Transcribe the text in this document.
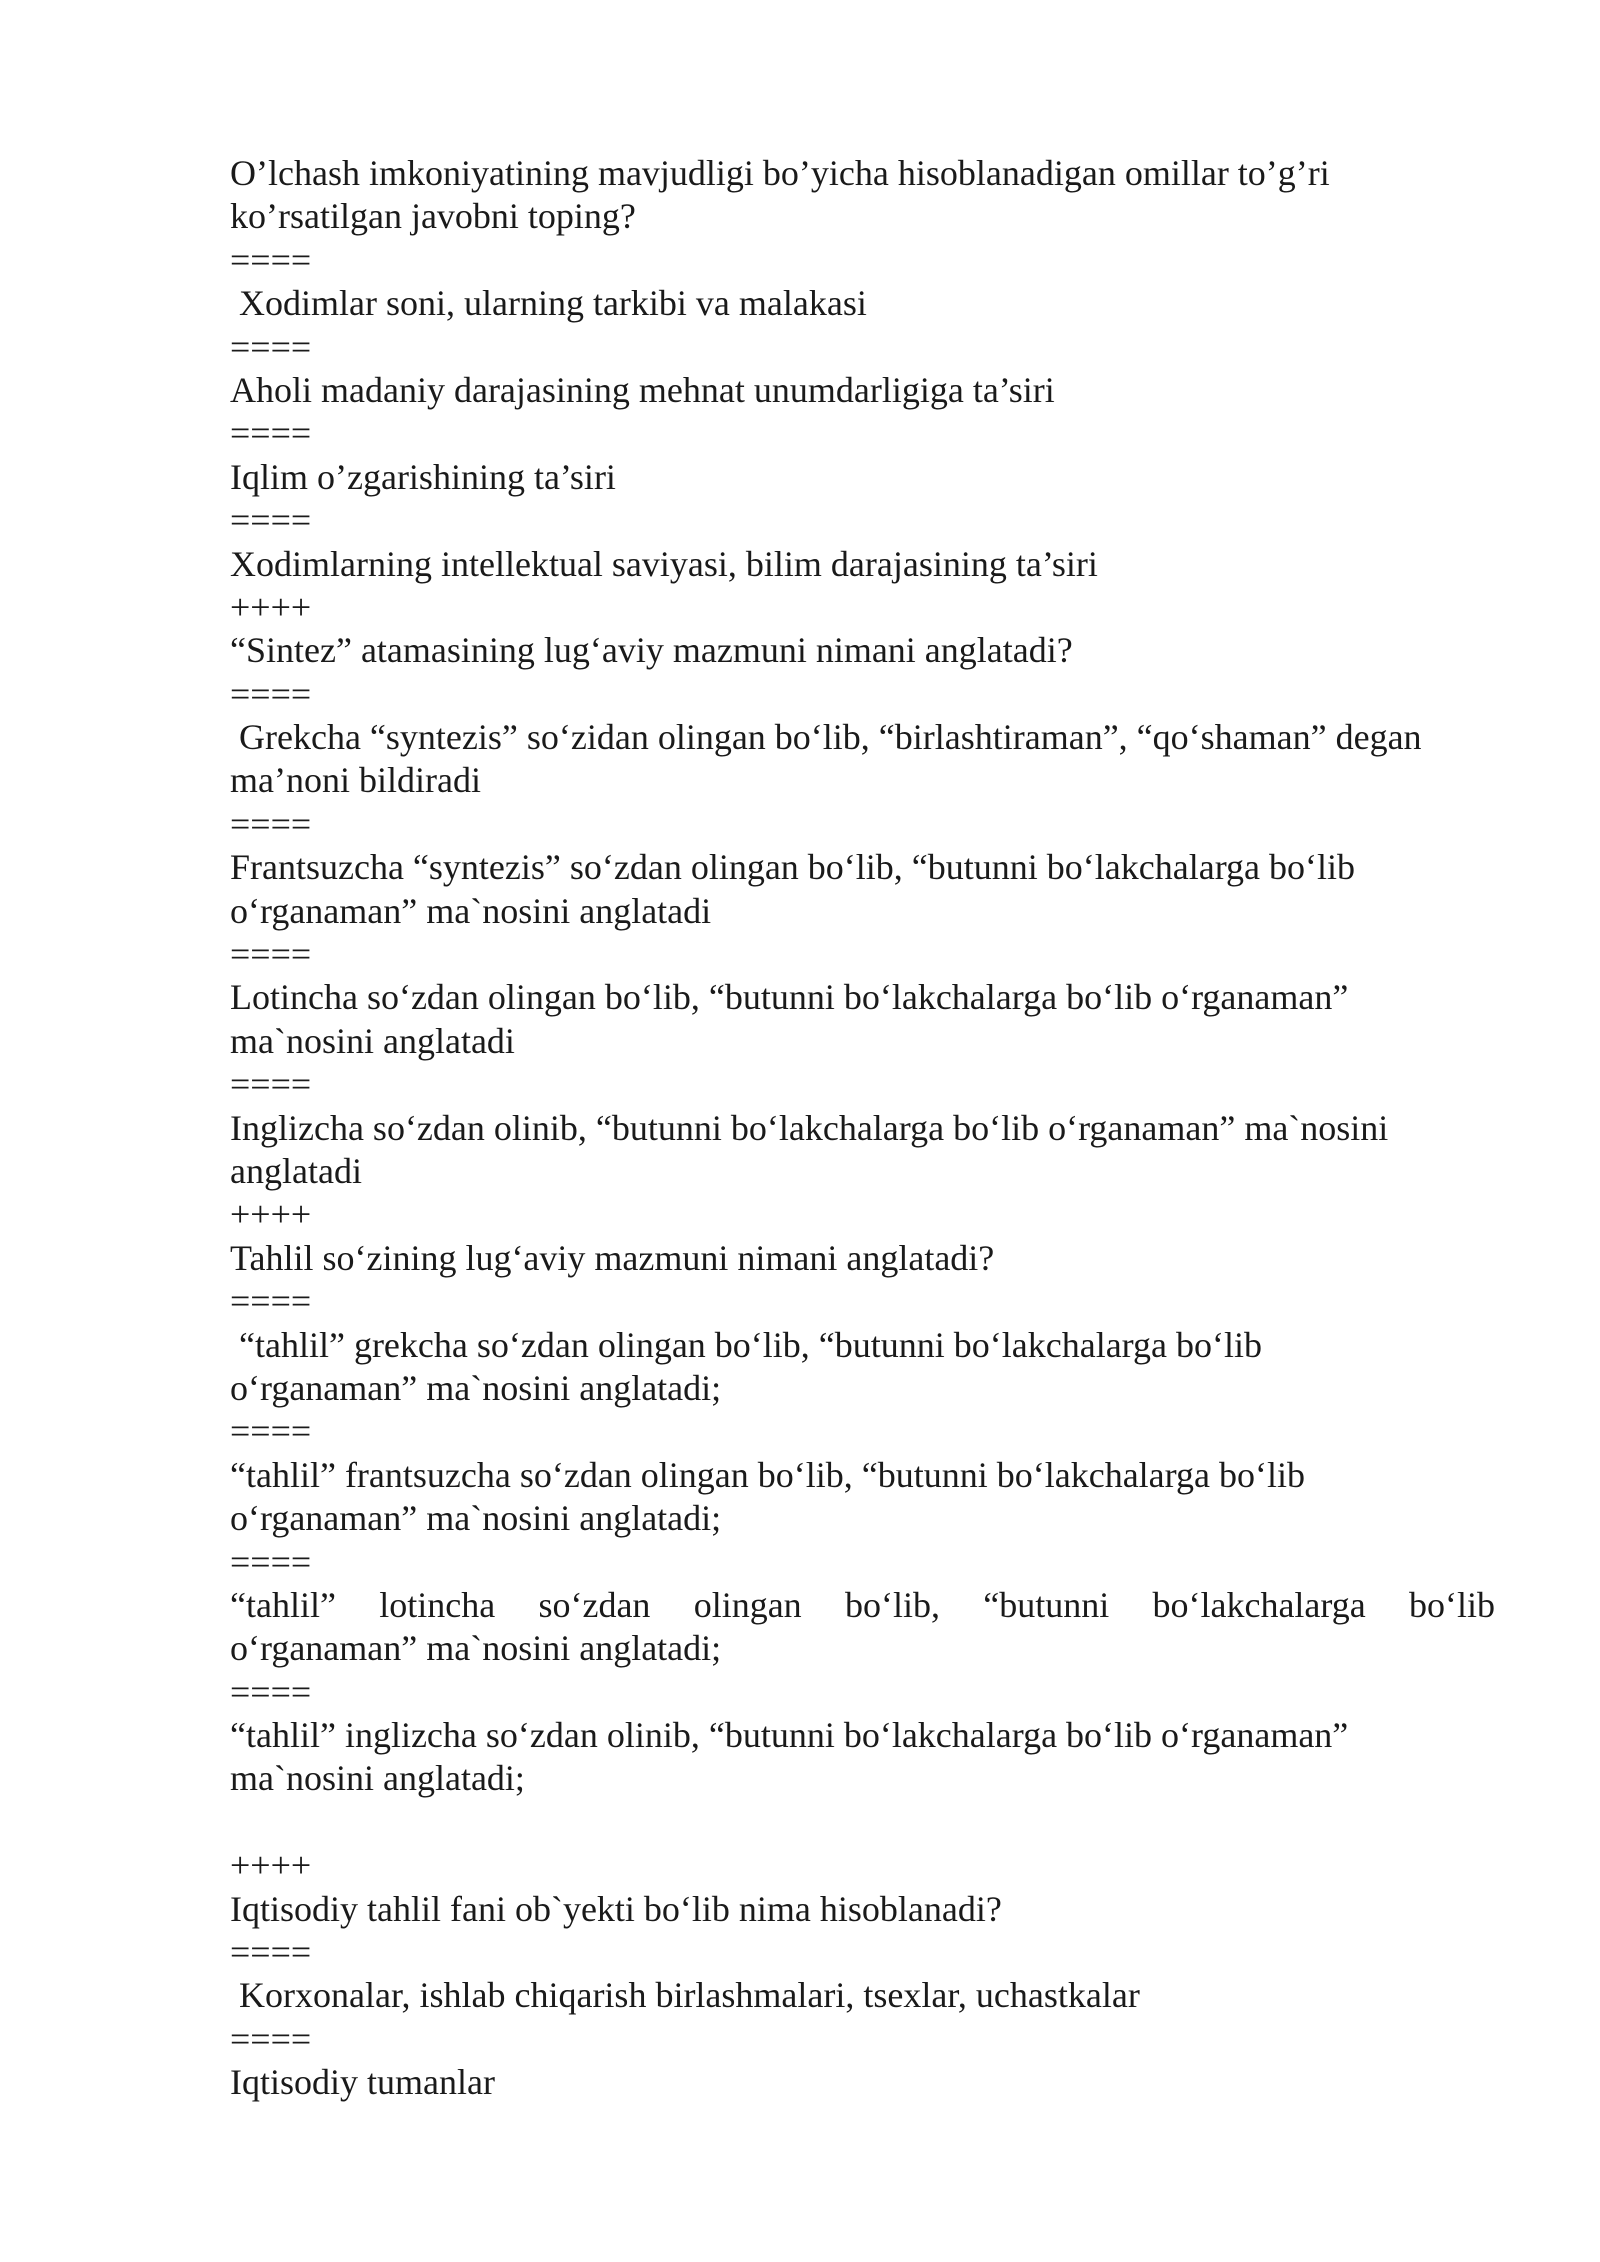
O’lchash imkoniyatining mavjudligi bo’yicha hisoblanadigan omillar to’g’ri
ko’rsatilgan javobni toping?
====
Xodimlar soni, ularning tarkibi va malakasi
====
Aholi madaniy darajasining mehnat unumdarligiga ta’siri
====
Iqlim o’zgarishining ta’siri
====
Xodimlarning intellektual saviyasi, bilim darajasining ta’siri
++++
“Sintez” atamasining lug‘aviy mazmuni nimani anglatadi?
====
Grekcha “syntezis” so‘zidan olingan bo‘lib, “birlashtiraman”, “qo‘shaman” degan
ma’noni bildiradi
====
Frantsuzcha “syntezis” so‘zdan olingan bo‘lib, “butunni bo‘lakchalarga bo‘lib
o‘rganaman” ma`nosini anglatadi
====
Lotincha so‘zdan olingan bo‘lib, “butunni bo‘lakchalarga bo‘lib o‘rganaman”
ma`nosini anglatadi
====
Inglizcha so‘zdan olinib, “butunni bo‘lakchalarga bo‘lib o‘rganaman” ma`nosini
anglatadi
++++
Tahlil so‘zining lug‘aviy mazmuni nimani anglatadi?
====
“tahlil” grekcha so‘zdan olingan bo‘lib, “butunni bo‘lakchalarga bo‘lib
o‘rganaman” ma`nosini anglatadi;
====
“tahlil” frantsuzcha so‘zdan olingan bo‘lib, “butunni bo‘lakchalarga bo‘lib
o‘rganaman” ma`nosini anglatadi;
====
“tahlil” lotincha so‘zdan olingan bo‘lib, “butunni bo‘lakchalarga bo‘lib
o‘rganaman” ma`nosini anglatadi;
====
“tahlil” inglizcha so‘zdan olinib, “butunni bo‘lakchalarga bo‘lib o‘rganaman”
ma`nosini anglatadi;
++++
Iqtisodiy tahlil fani ob`yekti bo‘lib nima hisoblanadi?
====
Korxonalar, ishlab chiqarish birlashmalari, tsexlar, uchastkalar
====
Iqtisodiy tumanlar
